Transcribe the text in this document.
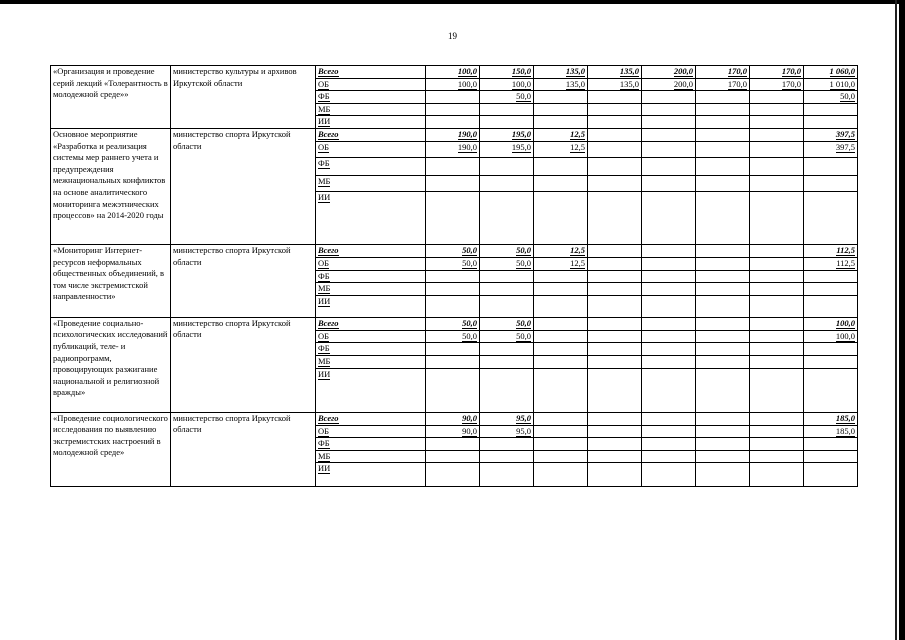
19
«Организация и проведение серий лекций «Толерантность в молодежной среде»»	министерство культуры и архивов Иркутской области	Всего	100,0	150,0	135,0	135,0	200,0	170,0	170,0	1 060,0
		ОБ	100,0	100,0	135,0	135,0	200,0	170,0	170,0	1 010,0
		ФБ		50,0						50,0
		МБ								
		ИИ								
Основное мероприятие «Разработка и реализация системы мер раннего учета и предупреждения межнациональных конфликтов на основе аналитического мониторинга межэтнических процессов» на 2014-2020 годы	министерство спорта Иркутской области	Всего	190,0	195,0	12,5					397,5
		ОБ	190,0	195,0	12,5					397,5
		ФБ								
		МБ								
		ИИ								
«Мониторинг Интернет-ресурсов неформальных общественных объединений, в том числе экстремистской направленности»	министерство спорта Иркутской области	Всего	50,0	50,0	12,5					112,5
		ОБ	50,0	50,0	12,5					112,5
		ФБ								
		МБ								
		ИИ								
«Проведение социально-психологических исследований публикаций, теле- и радиопрограмм, провоцирующих разжигание национальной и религиозной вражды»	министерство спорта Иркутской области	Всего	50,0	50,0						100,0
		ОБ	50,0	50,0						100,0
		ФБ								
		МБ								
		ИИ								
«Проведение социологического исследования по выявлению экстремистских настроений в молодежной среде»	министерство спорта Иркутской области	Всего	90,0	95,0						185,0
		ОБ	90,0	95,0						185,0
		ФБ								
		МБ								
		ИИ								
